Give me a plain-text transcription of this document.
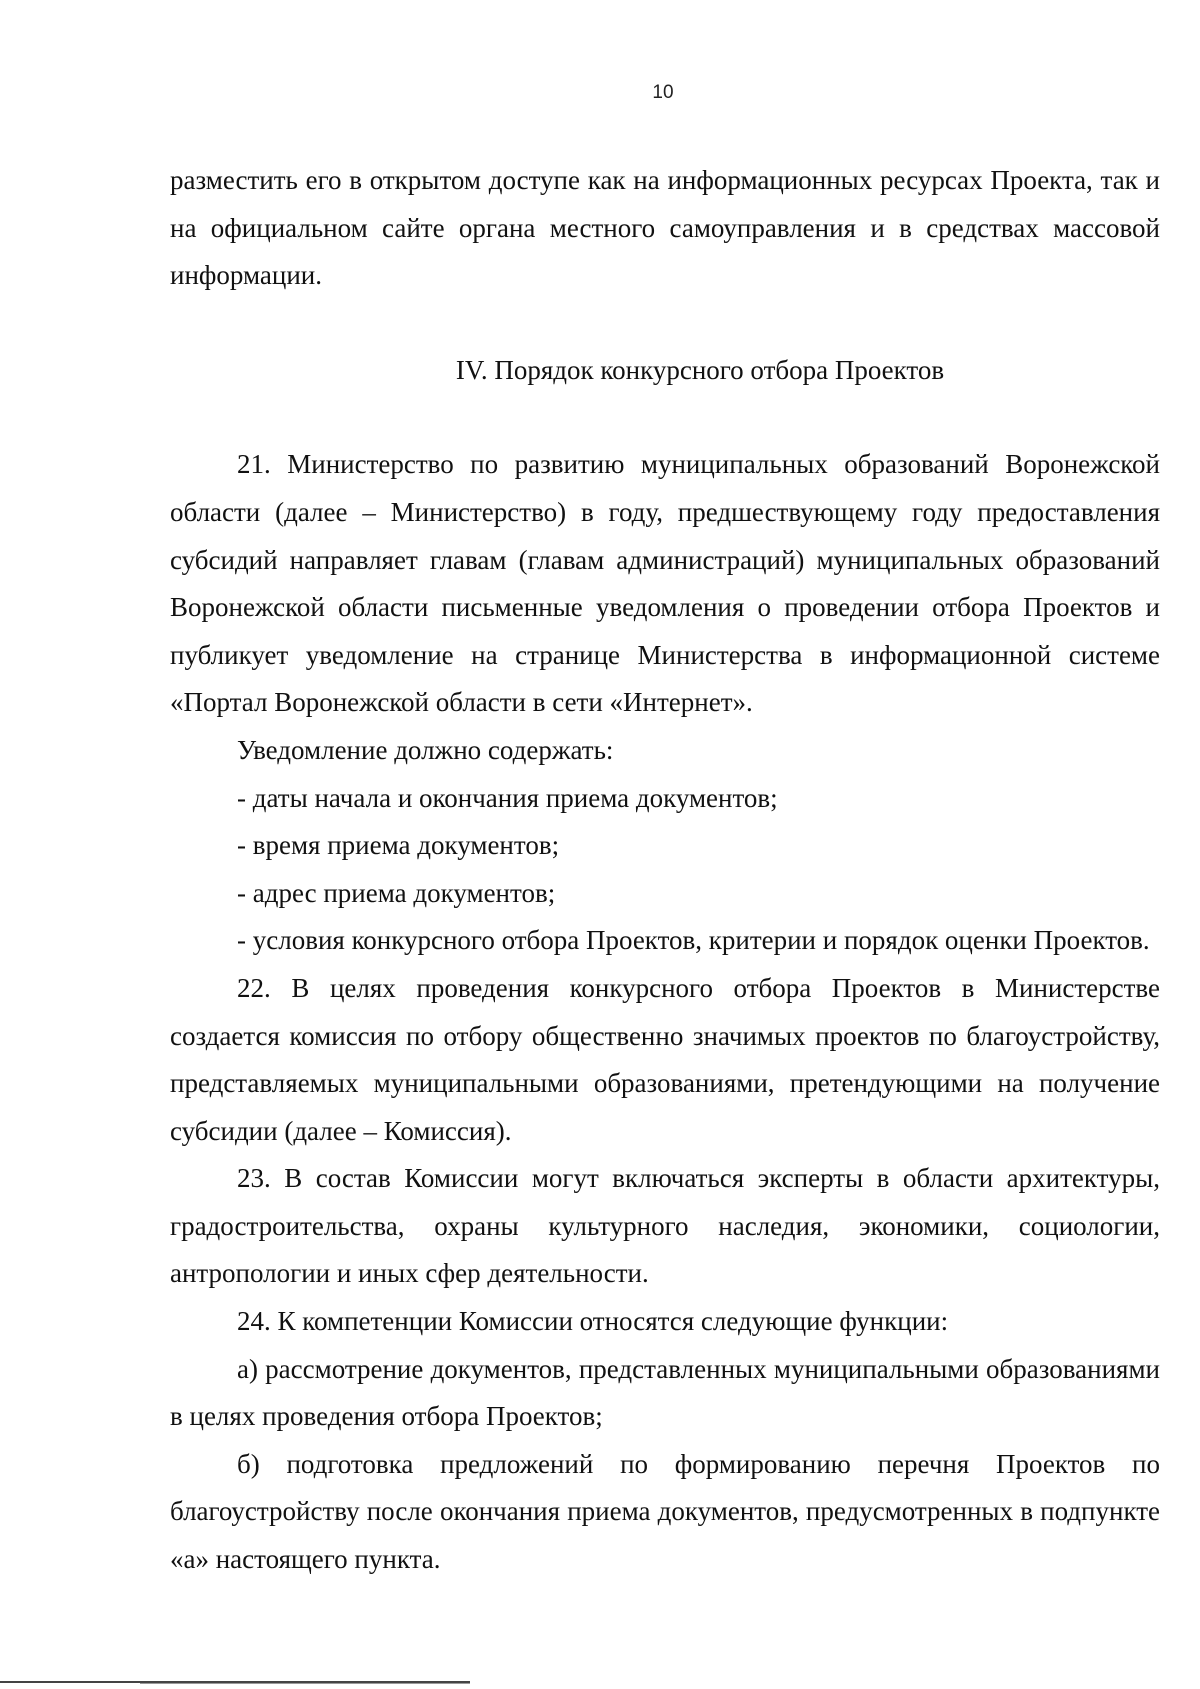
10

разместить его в открытом доступе как на информационных ресурсах Проекта, так и на официальном сайте органа местного самоуправления и в средствах массовой информации.

IV. Порядок конкурсного отбора Проектов

21. Министерство по развитию муниципальных образований Воронежской области (далее – Министерство) в году, предшествующему году предоставления субсидий направляет главам (главам администраций) муниципальных образований Воронежской области письменные уведомления о проведении отбора Проектов и публикует уведомление на странице Министерства в информационной системе «Портал Воронежской области в сети «Интернет».

Уведомление должно содержать:

- даты начала и окончания приема документов;

- время приема документов;

- адрес приема документов;

- условия конкурсного отбора Проектов, критерии и порядок оценки Проектов.

22. В целях проведения конкурсного отбора Проектов в Министерстве создается комиссия по отбору общественно значимых проектов по благоустройству, представляемых муниципальными образованиями, претендующими на получение субсидии (далее – Комиссия).

23. В состав Комиссии могут включаться эксперты в области архитектуры, градостроительства, охраны культурного наследия, экономики, социологии, антропологии и иных сфер деятельности.

24. К компетенции Комиссии относятся следующие функции:

а) рассмотрение документов, представленных муниципальными образованиями в целях проведения отбора Проектов;

б) подготовка предложений по формированию перечня Проектов по благоустройству после окончания приема документов, предусмотренных в подпункте «а» настоящего пункта.
